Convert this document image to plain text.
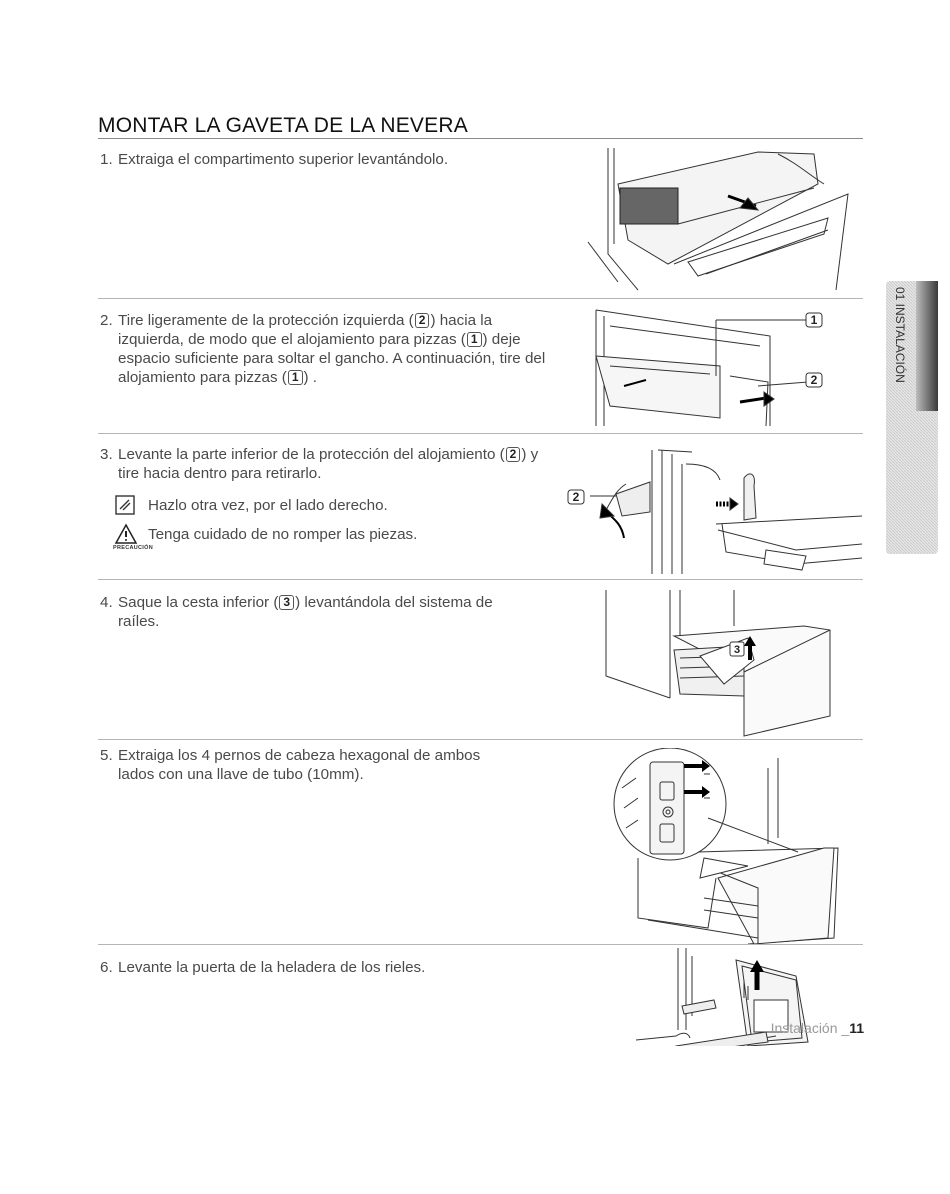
MONTAR LA GAVETA DE LA NEVERA
1. Extraiga el compartimento superior levantándolo.
2. Tire ligeramente de la protección izquierda ( 2 ) hacia la
izquierda, de modo que el alojamiento para pizzas ( 1 ) deje
espacio suficiente para soltar el gancho. A continuación, tire del
alojamiento para pizzas ( 1 ) .
1
2
3. Levante la parte inferior de la protección del alojamiento ( 2 ) y
tire hacia dentro para retirarlo.
Hazlo otra vez, por el lado derecho.
Tenga cuidado de no romper las piezas.
PRECAUCIÓN
2
4. Saque la cesta inferior ( 3 ) levantándola del sistema de
raíles.
3
5. Extraiga los 4 pernos de cabeza hexagonal de ambos
lados con una llave de tubo (10mm).
6. Levante la puerta de la heladera de los rieles.
01 INSTALACIÓN
Instalación _11
